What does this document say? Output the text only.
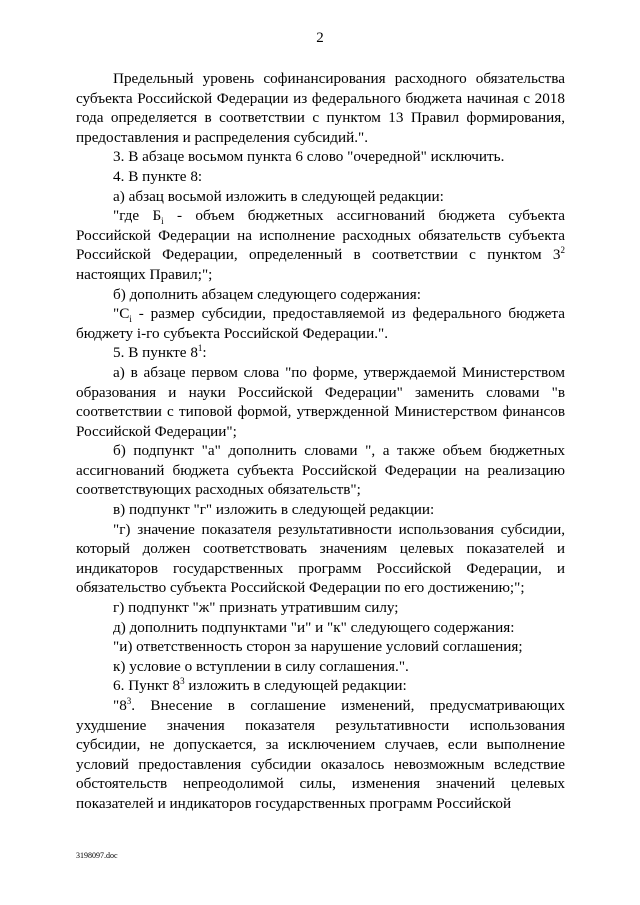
2

Предельный уровень софинансирования расходного обязательства субъекта Российской Федерации из федерального бюджета начиная с 2018 года определяется в соответствии с пунктом 13 Правил формирования, предоставления и распределения субсидий.".

3. В абзаце восьмом пункта 6 слово "очередной" исключить.

4. В пункте 8:

а) абзац восьмой изложить в следующей редакции:

"где $Б_i$ - объем бюджетных ассигнований бюджета субъекта Российской Федерации на исполнение расходных обязательств субъекта Российской Федерации, определенный в соответствии с пунктом $3^2$ настоящих Правил;";

б) дополнить абзацем следующего содержания:

"$C_i$ - размер субсидии, предоставляемой из федерального бюджета бюджету i-го субъекта Российской Федерации.".

5. В пункте $8^1$:

а) в абзаце первом слова "по форме, утверждаемой Министерством образования и науки Российской Федерации" заменить словами "в соответствии с типовой формой, утвержденной Министерством финансов Российской Федерации";

б) подпункт "а" дополнить словами ", а также объем бюджетных ассигнований бюджета субъекта Российской Федерации на реализацию соответствующих расходных обязательств";

в) подпункт "г" изложить в следующей редакции:

"г) значение показателя результативности использования субсидии, который должен соответствовать значениям целевых показателей и индикаторов государственных программ Российской Федерации, и обязательство субъекта Российской Федерации по его достижению;";

г) подпункт "ж" признать утратившим силу;

д) дополнить подпунктами "и" и "к" следующего содержания:

"и) ответственность сторон за нарушение условий соглашения;

к) условие о вступлении в силу соглашения.".

6. Пункт $8^3$ изложить в следующей редакции:

"$8^3$. Внесение в соглашение изменений, предусматривающих ухудшение значения показателя результативности использования субсидии, не допускается, за исключением случаев, если выполнение условий предоставления субсидии оказалось невозможным вследствие обстоятельств непреодолимой силы, изменения значений целевых показателей и индикаторов государственных программ Российской

3198097.doc
